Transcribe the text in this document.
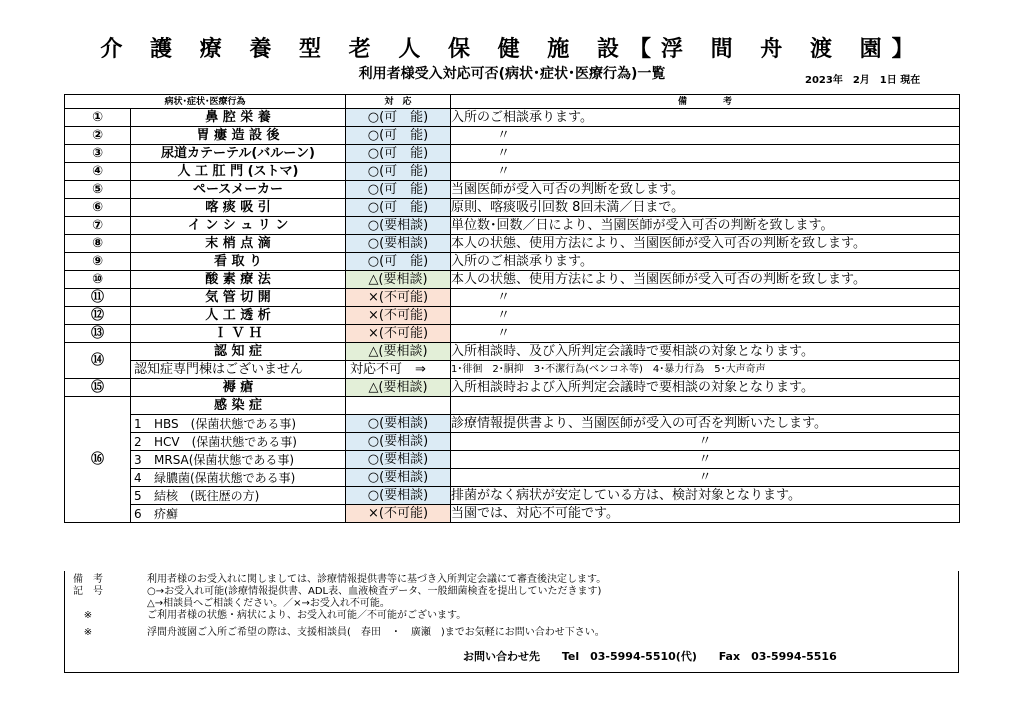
介 護 療 養 型 老 人 保 健 施 設【浮 間 舟 渡 園】
利用者様受入対応可否(病状･症状･医療行為)一覧	2023年　2月　1日 現在
病状･症状･医療行為		対　応	備　　　　考
①	鼻 腔 栄 養	○(可　能)	入所のご相談承ります。
②	胃 瘻 造 設 後	○(可　能)	〃
③	尿道カテーテル(バルーン)	○(可　能)	〃
④	人 工 肛 門 (ストマ)	○(可　能)	〃
⑤	ペースメーカー	○(可　能)	当園医師が受入可否の判断を致します。
⑥	喀 痰 吸 引	○(可　能)	原則、喀痰吸引回数 8回未満／日まで。
⑦	イ ン シ ュ リ ン	○(要相談)	単位数･回数／日により、当園医師が受入可否の判断を致します。
⑧	末 梢 点 滴	○(要相談)	本人の状態、使用方法により、当園医師が受入可否の判断を致します。
⑨	看 取 り	○(可　能)	入所のご相談承ります。
⑩	酸 素 療 法	△(要相談)	本人の状態、使用方法により、当園医師が受入可否の判断を致します。
⑪	気 管 切 開	×(不可能)	〃
⑫	人 工 透 析	×(不可能)	〃
⑬	Ｉ Ｖ Ｈ	×(不可能)	〃
⑭	認 知 症	△(要相談)	入所相談時、及び入所判定会議時で要相談の対象となります。
	認知症専門棟はございません	対応不可　⇒	1･徘徊　2･胴抑　3･不潔行為(ベンコネ等)　4･暴力行為　5･大声奇声
⑮	褥 瘡	△(要相談)	入所相談時および入所判定会議時で要相談の対象となります。
⑯	感 染 症		
	1 HBS　(保菌状態である事)	○(要相談)	診療情報提供書より、当園医師が受入の可否を判断いたします。
	2 HCV　(保菌状態である事)	○(要相談)	〃
	3 MRSA(保菌状態である事)	○(要相談)	〃
	4 緑膿菌(保菌状態である事)	○(要相談)	〃
	5 結核　(既往歴の方)	○(要相談)	排菌がなく病状が安定している方は、検討対象となります。
	6 疥癬	×(不可能)	当園では、対応不可能です。
備　考	利用者様のお受入れに関しましては、診療情報提供書等に基づき入所判定会議にて審査後決定します。
記　号	○→お受入れ可能(診療情報提供書、ADL表、血液検査データ、一般細菌検査を提出していただきます)
△→相談員へご相談ください。／×→お受入れ不可能。
※	ご利用者様の状態・病状により、お受入れ可能／不可能がございます。
※	浮間舟渡園ご入所ご希望の際は、支援相談員(　春田　・　廣瀬　)までお気軽にお問い合わせ下さい。
お問い合わせ先 Tel　03-5994-5510(代) Fax　03-5994-5516
